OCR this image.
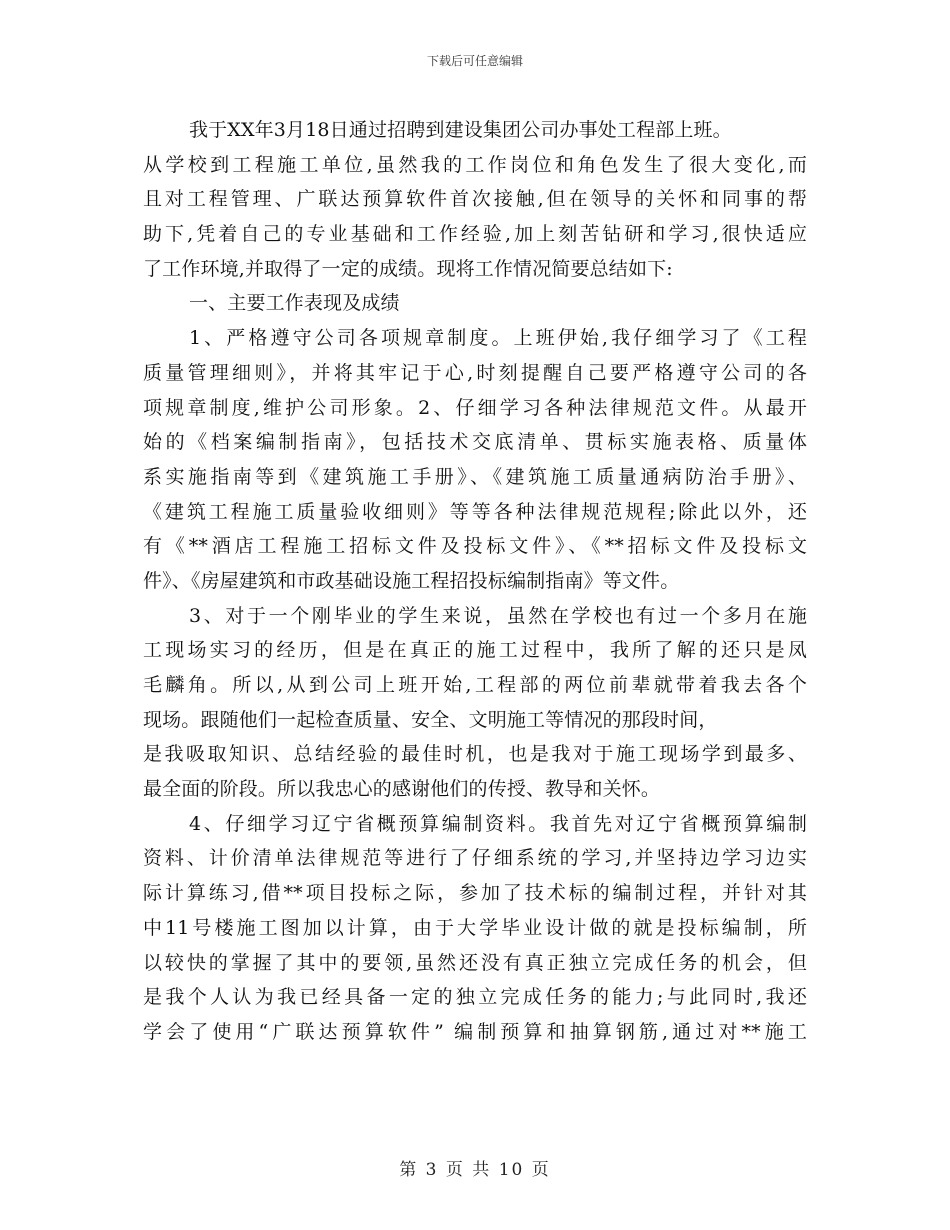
下载后可任意编辑
我于XX年3月18日通过招聘到建设集团公司办事处工程部上班。
从学校到工程施工单位,虽然我的工作岗位和角色发生了很大变化,而
且对工程管理、广联达预算软件首次接触,但在领导的关怀和同事的帮
助下,凭着自己的专业基础和工作经验,加上刻苦钻研和学习,很快适应
了工作环境,并取得了一定的成绩。现将工作情况简要总结如下:
一、主要工作表现及成绩
1、严格遵守公司各项规章制度。上班伊始,我仔细学习了《工程
质量管理细则》，并将其牢记于心,时刻提醒自己要严格遵守公司的各
项规章制度,维护公司形象。2、仔细学习各种法律规范文件。从最开
始的《档案编制指南》，包括技术交底清单、贯标实施表格、质量体
系实施指南等到《建筑施工手册》、《建筑施工质量通病防治手册》、
《建筑工程施工质量验收细则》等等各种法律规范规程;除此以外，还
有《**酒店工程施工招标文件及投标文件》、《**招标文件及投标文
件》、《房屋建筑和市政基础设施工程招投标编制指南》等文件。
3、对于一个刚毕业的学生来说，虽然在学校也有过一个多月在施
工现场实习的经历，但是在真正的施工过程中，我所了解的还只是凤
毛麟角。所以,从到公司上班开始,工程部的两位前辈就带着我去各个
现场。跟随他们一起检查质量、安全、文明施工等情况的那段时间，
是我吸取知识、总结经验的最佳时机，也是我对于施工现场学到最多、
最全面的阶段。所以我忠心的感谢他们的传授、教导和关怀。
4、仔细学习辽宁省概预算编制资料。我首先对辽宁省概预算编制
资料、计价清单法律规范等进行了仔细系统的学习,并坚持边学习边实
际计算练习,借**项目投标之际，参加了技术标的编制过程，并针对其
中11号楼施工图加以计算，由于大学毕业设计做的就是投标编制，所
以较快的掌握了其中的要领,虽然还没有真正独立完成任务的机会，但
是我个人认为我已经具备一定的独立完成任务的能力;与此同时,我还
学会了使用“广联达预算软件” 编制预算和抽算钢筋,通过对**施工
第 3 页 共 10 页
